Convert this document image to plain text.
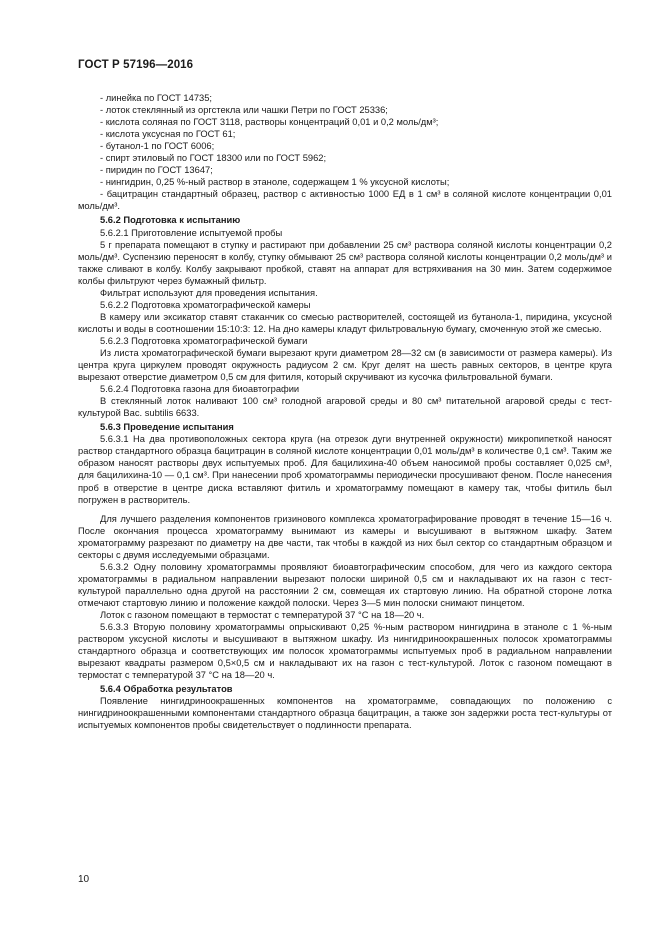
ГОСТ Р 57196—2016

- линейка по ГОСТ 14735;

- лоток стеклянный из оргстекла или чашки Петри по ГОСТ 25336;

- кислота соляная по ГОСТ 3118, растворы концентраций 0,01 и 0,2 моль/дм³;

- кислота уксусная по ГОСТ 61;

- бутанол-1 по ГОСТ 6006;

- спирт этиловый по ГОСТ 18300 или по ГОСТ 5962;

- пиридин по ГОСТ 13647;

- нингидрин, 0,25 %-ный раствор в этаноле, содержащем 1 % уксусной кислоты;

- бацитрацин стандартный образец, раствор с активностью 1000 ЕД в 1 см³ в соляной кислоте концентрации 0,01 моль/дм³.

5.6.2 Подготовка к испытанию

5.6.2.1 Приготовление испытуемой пробы

5 г препарата помещают в ступку и растирают при добавлении 25 см³ раствора соляной кислоты концентрации 0,2 моль/дм³. Суспензию переносят в колбу, ступку обмывают 25 см³ раствора соляной кислоты концентрации 0,2 моль/дм³ и также сливают в колбу. Колбу закрывают пробкой, ставят на аппарат для встряхивания на 30 мин. Затем содержимое колбы фильтруют через бумажный фильтр.

Фильтрат используют для проведения испытания.

5.6.2.2 Подготовка хроматографической камеры

В камеру или эксикатор ставят стаканчик со смесью растворителей, состоящей из бутанола-1, пиридина, уксусной кислоты и воды в соотношении 15:10:3: 12. На дно камеры кладут фильтровальную бумагу, смоченную этой же смесью.

5.6.2.3 Подготовка хроматографической бумаги

Из листа хроматографической бумаги вырезают круги диаметром 28—32 см (в зависимости от размера камеры). Из центра круга циркулем проводят окружность радиусом 2 см. Круг делят на шесть равных секторов, в центре круга вырезают отверстие диаметром 0,5 см для фитиля, который скручивают из кусочка фильтровальной бумаги.

5.6.2.4 Подготовка газона для биоавтографии

В стеклянный лоток наливают 100 см³ голодной агаровой среды и 80 см³ питательной агаровой среды с тест-культурой Bac. subtilis 6633.

5.6.3 Проведение испытания

5.6.3.1 На два противоположных сектора круга (на отрезок дуги внутренней окружности) микропипеткой наносят раствор стандартного образца бацитрацин в соляной кислоте концентрации 0,01 моль/дм³ в количестве 0,1 см³. Таким же образом наносят растворы двух испытуемых проб. Для бацилихина-40 объем наносимой пробы составляет 0,025 см³, для бацилихина-10 — 0,1 см³. При нанесении проб хроматограммы периодически просушивают феном. После нанесения проб в отверстие в центре диска вставляют фитиль и хроматограмму помещают в камеру так, чтобы фитиль был погружен в растворитель.

Для лучшего разделения компонентов гризинового комплекса хроматографирование проводят в течение 15—16 ч. После окончания процесса хроматограмму вынимают из камеры и высушивают в вытяжном шкафу. Затем хроматограмму разрезают по диаметру на две части, так чтобы в каждой из них был сектор со стандартным образцом и секторы с двумя исследуемыми образцами.

5.6.3.2 Одну половину хроматограммы проявляют биоавтографическим способом, для чего из каждого сектора хроматограммы в радиальном направлении вырезают полоски шириной 0,5 см и накладывают их на газон с тест-культурой параллельно одна другой на расстоянии 2 см, совмещая их стартовую линию. На обратной стороне лотка отмечают стартовую линию и положение каждой полоски. Через 3—5 мин полоски снимают пинцетом.

Лоток с газоном помещают в термостат с температурой 37 °С на 18—20 ч.

5.6.3.3 Вторую половину хроматограммы опрыскивают 0,25 %-ным раствором нингидрина в этаноле с 1 %-ным раствором уксусной кислоты и высушивают в вытяжном шкафу. Из нингидриноокрашенных полосок хроматограммы стандартного образца и соответствующих им полосок хроматограммы испытуемых проб в радиальном направлении вырезают квадраты размером 0,5×0,5 см и накладывают их на газон с тест-культурой. Лоток с газоном помещают в термостат с температурой 37 °С на 18—20 ч.

5.6.4 Обработка результатов

Появление нингидриноокрашенных компонентов на хроматограмме, совпадающих по положению с нингидриноокрашенными компонентами стандартного образца бацитрацин, а также зон задержки роста тест-культуры от испытуемых компонентов пробы свидетельствует о подлинности препарата.

10
